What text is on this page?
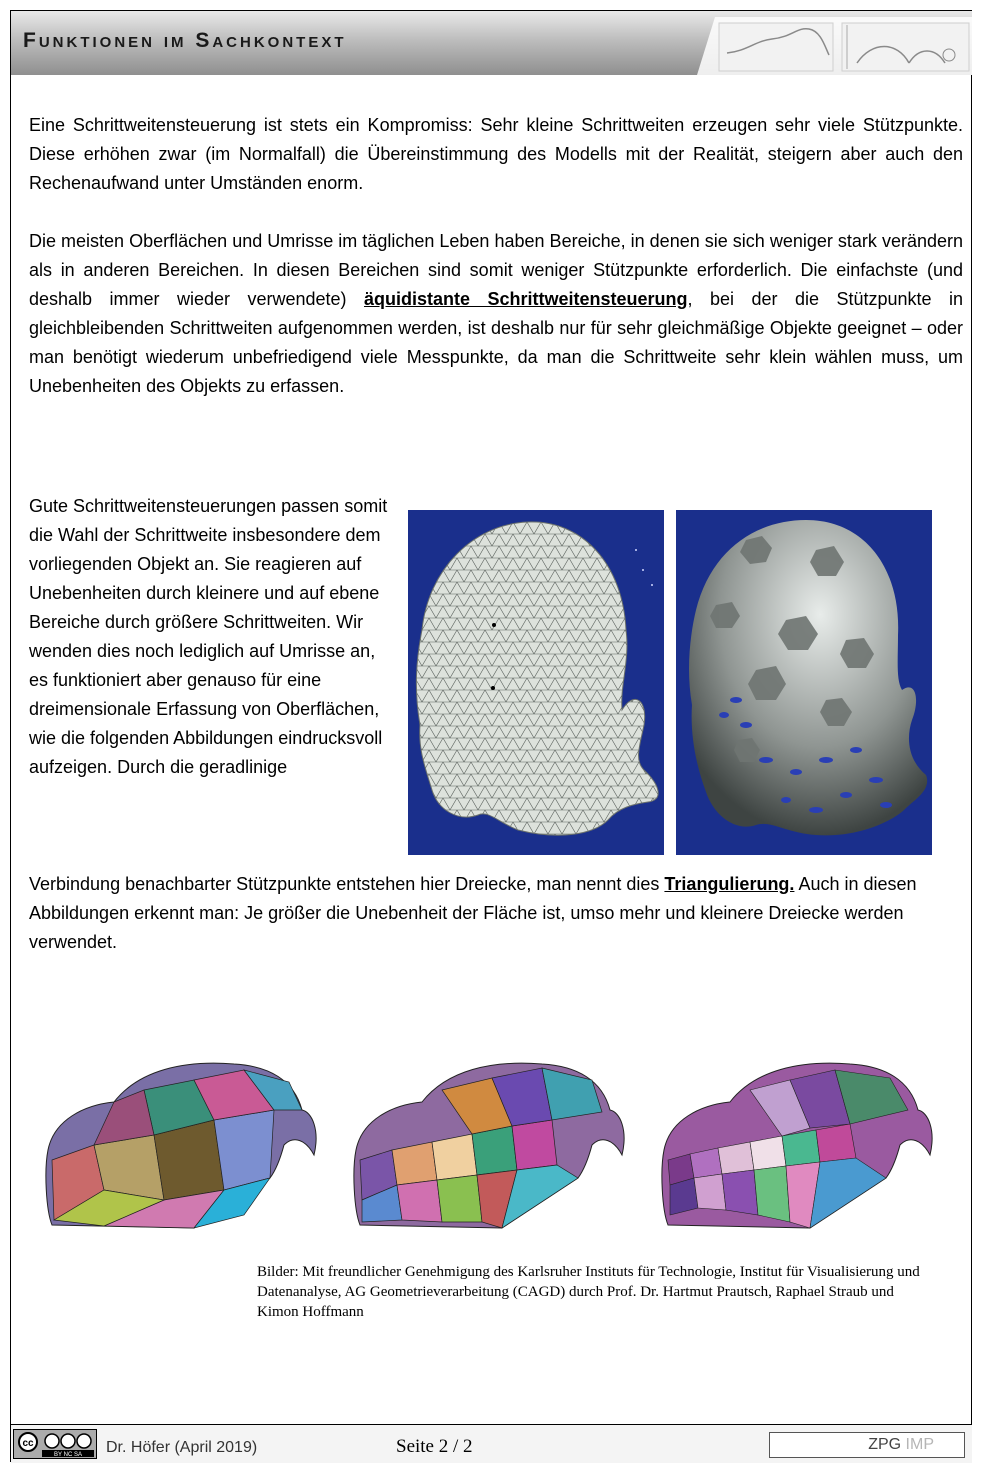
Funktionen im Sachkontext

Eine Schrittweitensteuerung ist stets ein Kompromiss: Sehr kleine Schrittweiten erzeugen sehr viele Stützpunkte. Diese erhöhen zwar (im Normalfall) die Übereinstimmung des Modells mit der Realität, steigern aber auch den Rechenaufwand unter Umständen enorm.

Die meisten Oberflächen und Umrisse im täglichen Leben haben Bereiche, in denen sie sich weniger stark verändern als in anderen Bereichen. In diesen Bereichen sind somit weniger Stützpunkte erforderlich. Die einfachste (und deshalb immer wieder verwendete) äquidistante Schrittweitensteuerung, bei der die Stützpunkte in gleichbleibenden Schrittweiten aufgenommen werden, ist deshalb nur für sehr gleichmäßige Objekte geeignet – oder man benötigt wiederum unbefriedigend viele Messpunkte, da man die Schrittweite sehr klein wählen muss, um Unebenheiten des Objekts zu erfassen.

Gute Schrittweitensteuerungen passen somit die Wahl der Schrittweite insbesondere dem vorliegenden Objekt an. Sie reagieren auf Unebenheiten durch kleinere und auf ebene Bereiche durch größere Schrittweiten. Wir wenden dies noch lediglich auf Umrisse an, es funktioniert aber genauso für eine dreimensionale Erfassung von Oberflächen, wie die folgenden Abbildungen eindrucksvoll aufzeigen. Durch die geradlinige

Verbindung benachbarter Stützpunkte entstehen hier Dreiecke, man nennt dies Triangulierung. Auch in diesen Abbildungen erkennt man: Je größer die Unebenheit der Fläche ist, umso mehr und kleinere Dreiecke werden verwendet.

Bilder: Mit freundlicher Genehmigung des Karlsruher Instituts für Technologie, Institut für Visualisierung und Datenanalyse, AG Geometrieverarbeitung (CAGD) durch Prof. Dr. Hartmut Prautsch, Raphael Straub und Kimon Hoffmann

cc
BY NC SA Dr. Höfer (April 2019)	Seite 2 / 2	ZPG IMP
